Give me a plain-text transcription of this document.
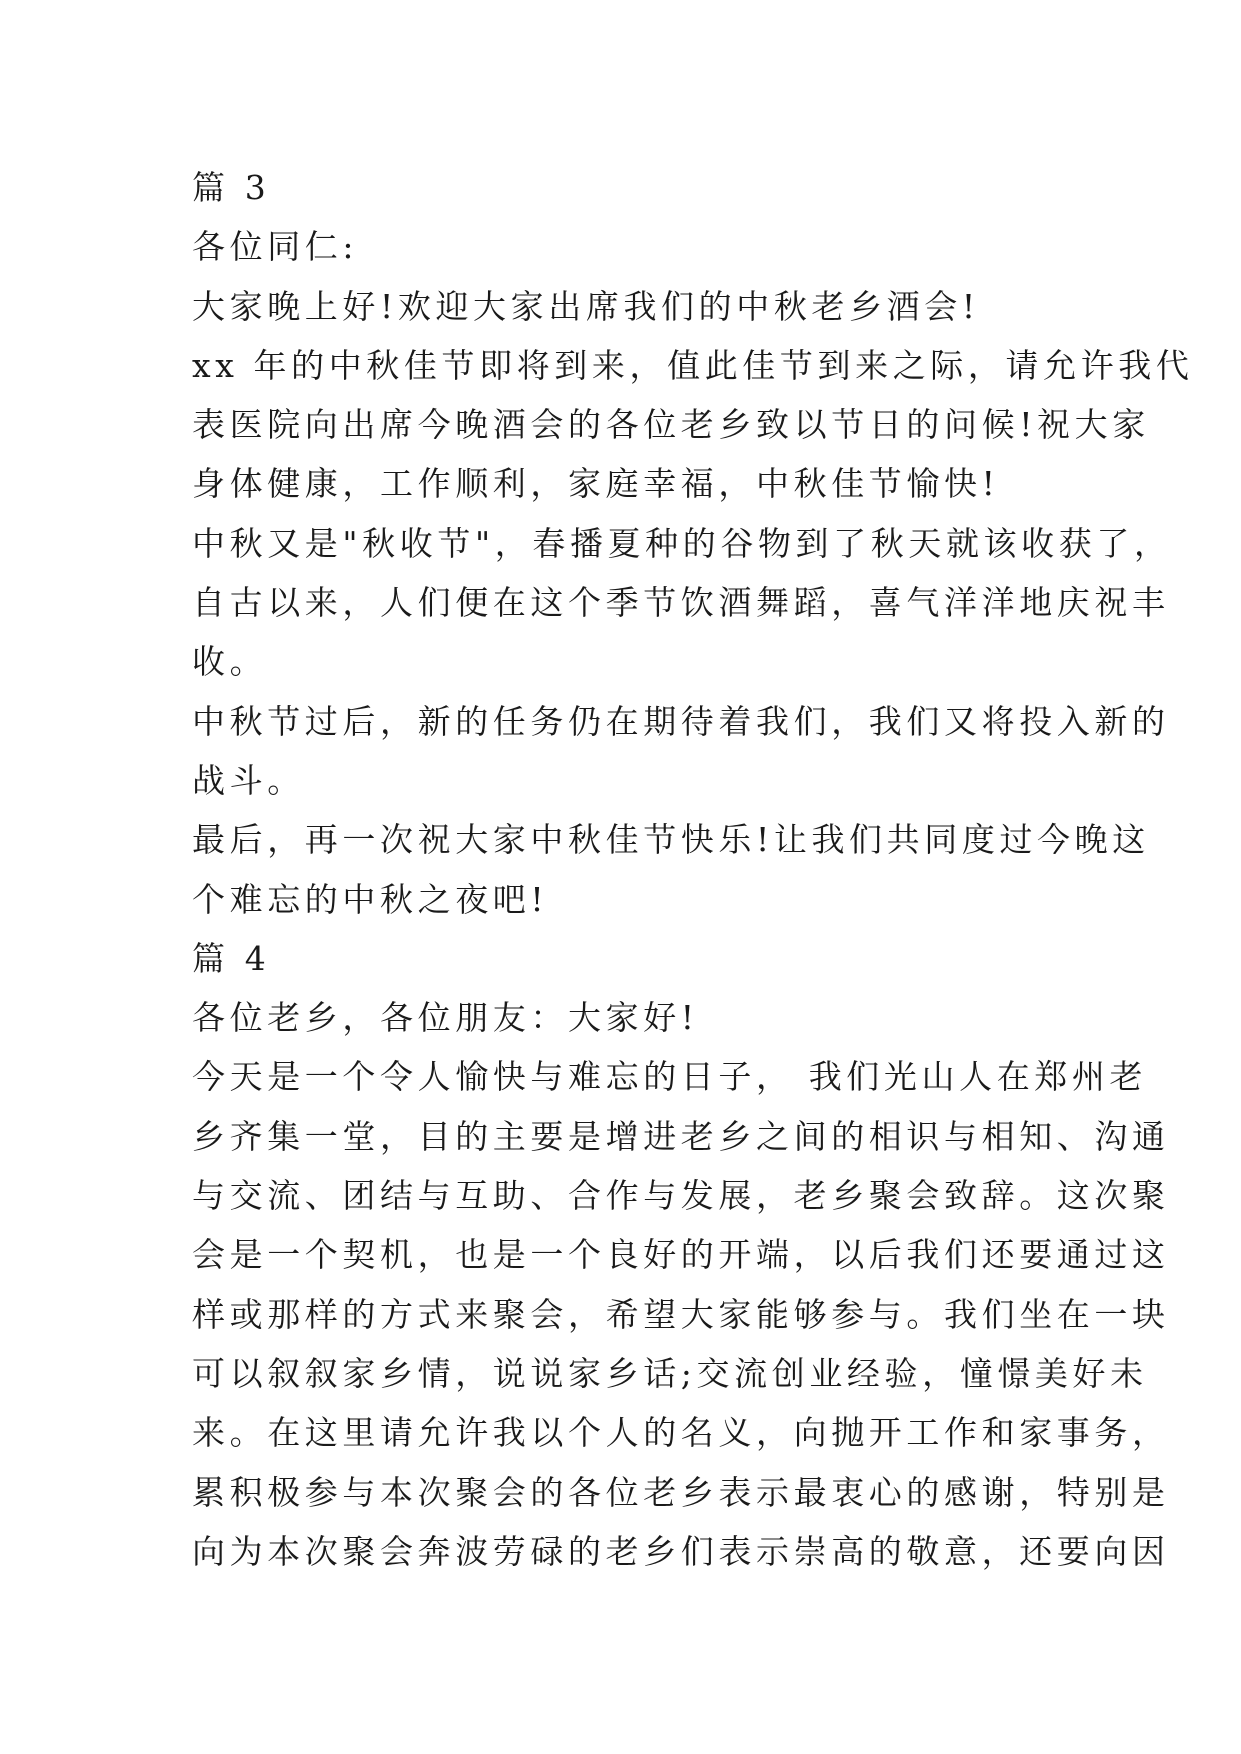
篇 3
各位同仁:
大家晚上好!欢迎大家出席我们的中秋老乡酒会!
xx 年的中秋佳节即将到来，值此佳节到来之际，请允许我代
表医院向出席今晚酒会的各位老乡致以节日的问候!祝大家
身体健康，工作顺利，家庭幸福，中秋佳节愉快!
中秋又是"秋收节"，春播夏种的谷物到了秋天就该收获了，
自古以来，人们便在这个季节饮酒舞蹈，喜气洋洋地庆祝丰
收。
中秋节过后，新的任务仍在期待着我们，我们又将投入新的
战斗。
最后，再一次祝大家中秋佳节快乐!让我们共同度过今晚这
个难忘的中秋之夜吧!
篇 4
各位老乡，各位朋友：大家好!
今天是一个令人愉快与难忘的日子， 我们光山人在郑州老
乡齐集一堂，目的主要是增进老乡之间的相识与相知、沟通
与交流、团结与互助、合作与发展，老乡聚会致辞。这次聚
会是一个契机，也是一个良好的开端，以后我们还要通过这
样或那样的方式来聚会，希望大家能够参与。我们坐在一块
可以叙叙家乡情，说说家乡话;交流创业经验，憧憬美好未
来。在这里请允许我以个人的名义，向抛开工作和家事务，
累积极参与本次聚会的各位老乡表示最衷心的感谢，特别是
向为本次聚会奔波劳碌的老乡们表示崇高的敬意，还要向因
